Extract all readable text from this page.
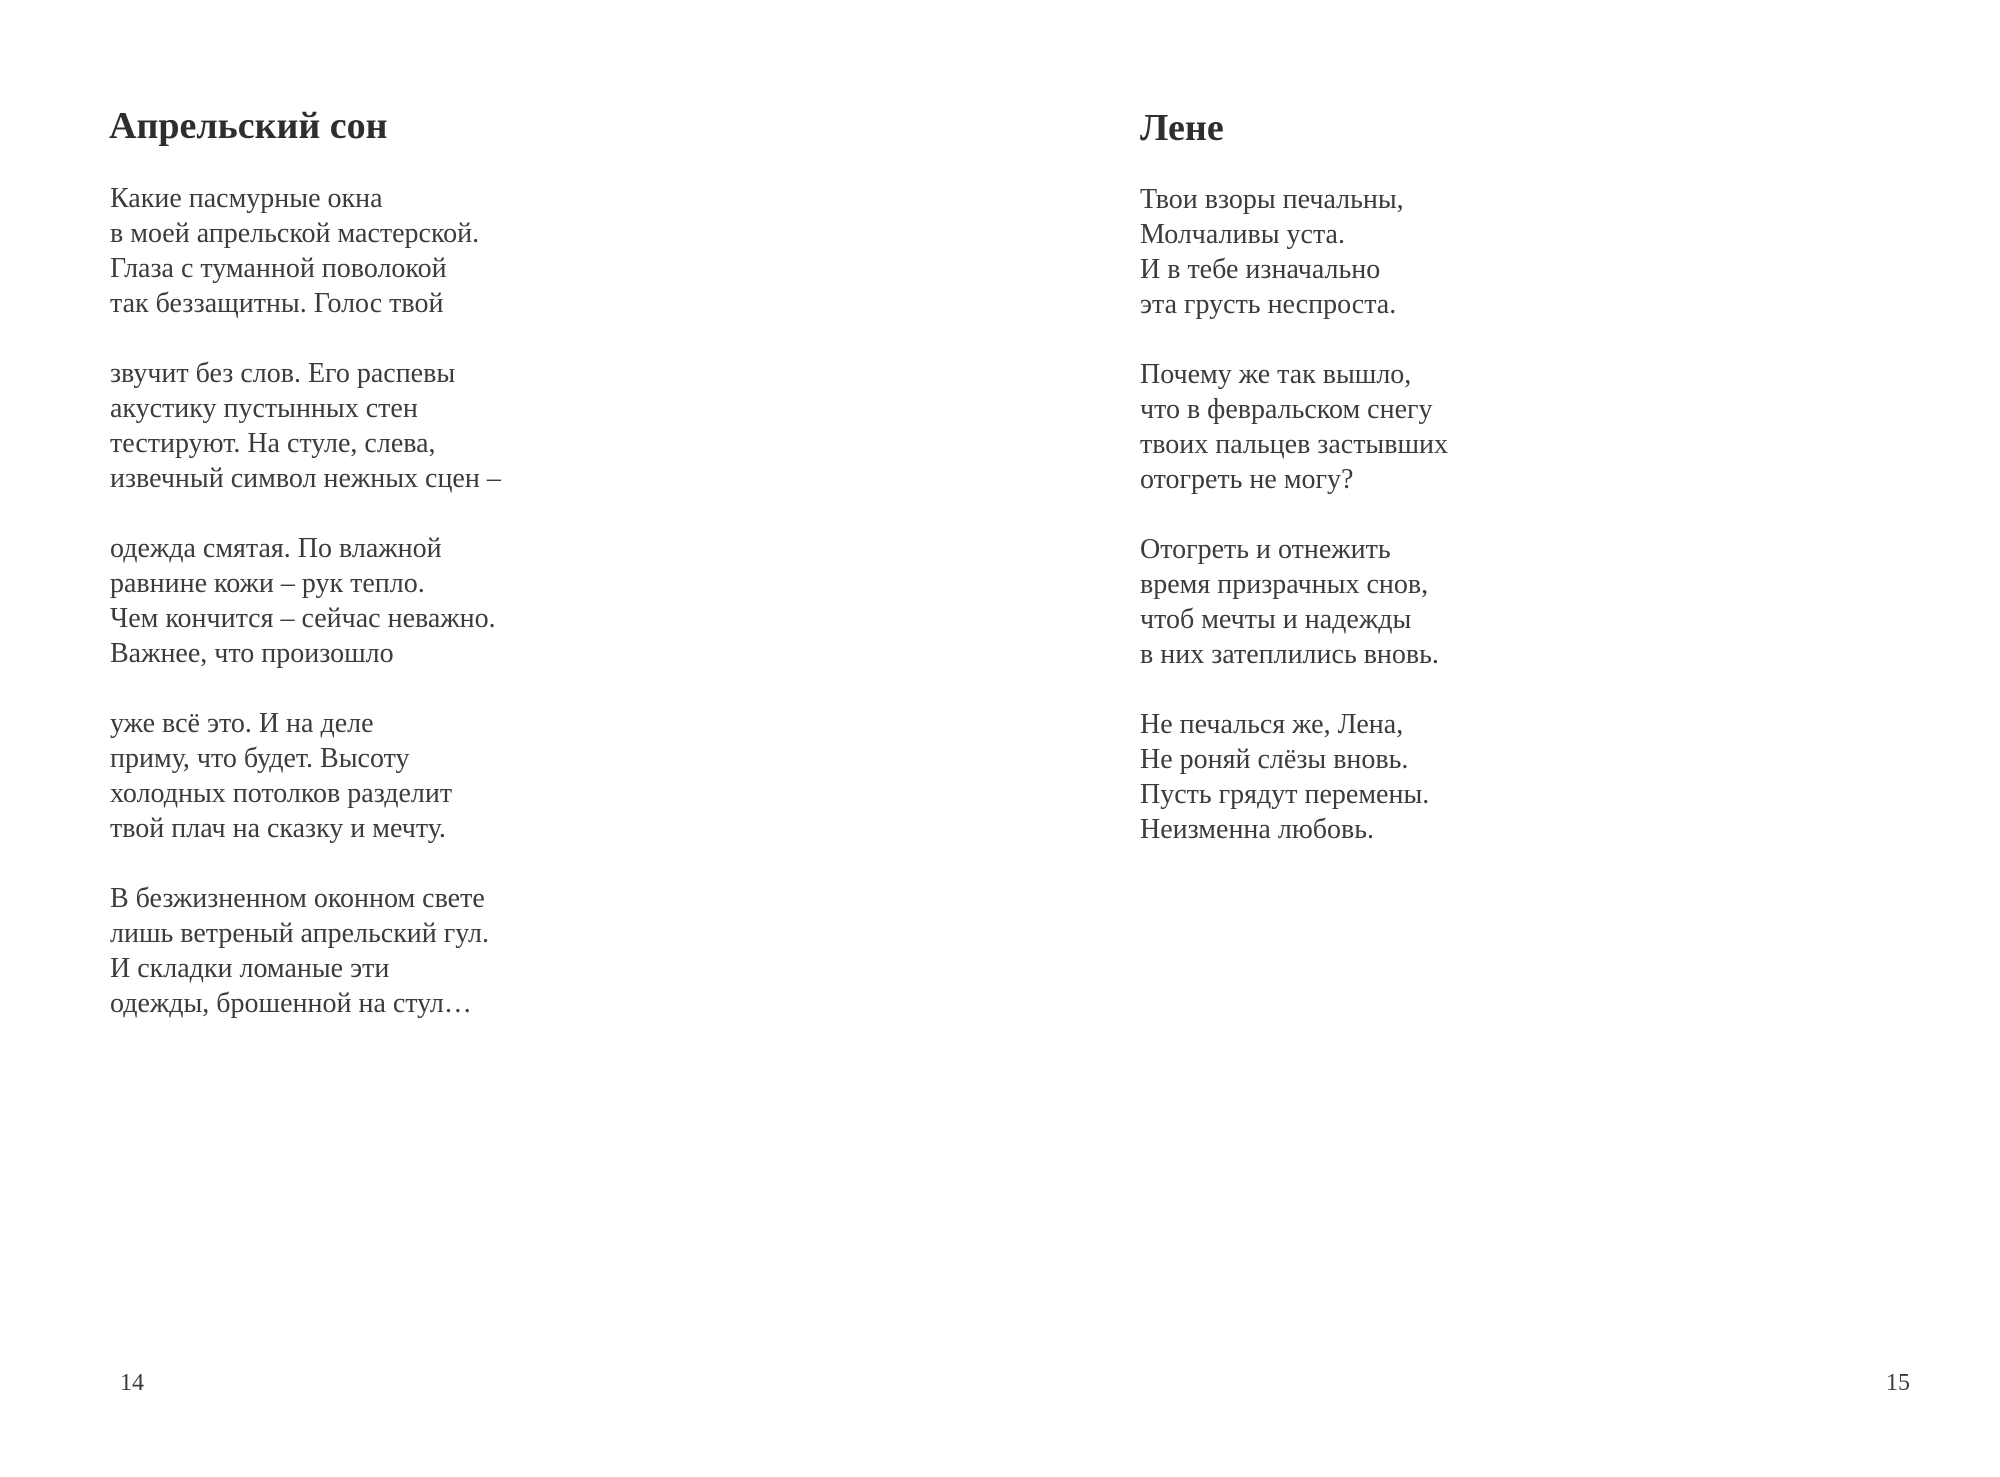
Апрельский сон

Какие пасмурные окна
в моей апрельской мастерской.
Глаза с туманной поволокой
так беззащитны. Голос твой

звучит без слов. Его распевы
акустику пустынных стен
тестируют. На стуле, слева,
извечный символ нежных сцен –

одежда смятая. По влажной
равнине кожи – рук тепло.
Чем кончится – сейчас неважно.
Важнее, что произошло

уже всё это. И на деле
приму, что будет. Высоту
холодных потолков разделит
твой плач на сказку и мечту.

В безжизненном оконном свете
лишь ветреный апрельский гул.
И складки ломаные эти
одежды, брошенной на стул…

14
Лене

Твои взоры печальны,
Молчаливы уста.
И в тебе изначально
эта грусть неспроста.

Почему же так вышло,
что в февральском снегу
твоих пальцев застывших
отогреть не могу?

Отогреть и отнежить
время призрачных снов,
чтоб мечты и надежды
в них затеплились вновь.

Не печалься же, Лена,
Не роняй слёзы вновь.
Пусть грядут перемены.
Неизменна любовь.

15
